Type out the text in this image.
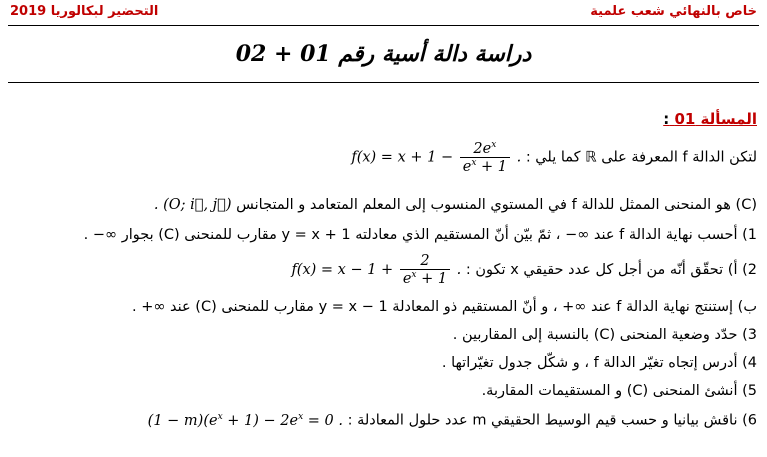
خاص بالنهائي شعب علمية
التحضير لبكالوريا 2019
دراسة دالة أسية رقم 01 + 02
المسألة 01 :
لتكن الدالة f المعرفة على ℝ كما يلي : $f(x) = x + 1 - \frac{2e^x}{e^x + 1}$ .
(C) هو المنحنى الممثل للدالة f في المستوي المنسوب إلى المعلم المتعامد و المتجانس . (O; i⃗, j⃗)
1) أحسب نهاية الدالة f عند ∞− ، ثمّ بيّن أنّ المستقيم الذي معادلته y = x + 1 مقارب للمنحنى (C) بجوار ∞− .
2) أ) تحقّق أنّه من أجل كل عدد حقيقي x تكون : $f(x) = x - 1 + \frac{2}{e^x + 1}$ .
ب) إستنتج نهاية الدالة f عند ∞+ ، و أنّ المستقيم ذو المعادلة y = x − 1 مقارب للمنحنى (C) عند ∞+ .
3) حدّد وضعية المنحنى (C) بالنسبة إلى المقاربين .
4) أدرس إتجاه تغيّر الدالة f ، و شكّل جدول تغيّراتها .
5) أنشئ المنحنى (C) و المستقيمات المقاربة.
6) ناقش بيانيا و حسب قيم الوسيط الحقيقي m عدد حلول المعادلة : $(1 - m)(e^x + 1) - 2e^x = 0$ .
